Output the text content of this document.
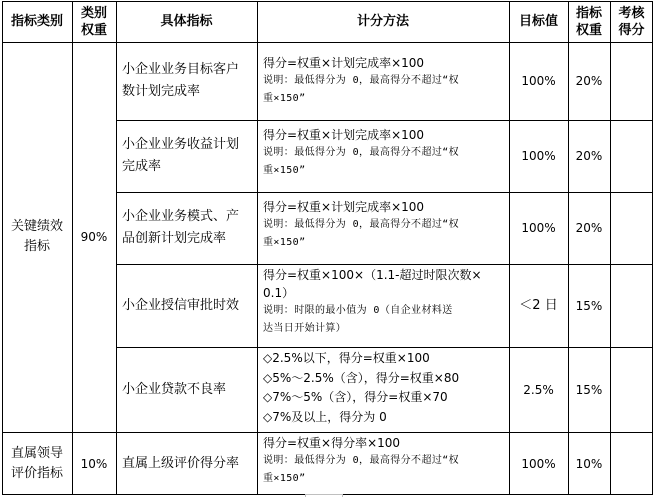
指标类别
类别
权重
具体指标	计分方法	目标值
指标
权重
考核
得分
关键绩效
指标
90%
直属领导
评价指标
10%
小企业业务目标客户
数计划完成率
得分=权重×计划完成率×100
说明：最低得分为 0，最高得分不超过“权
重×150”
100% 20%
小企业业务收益计划
完成率
得分=权重×计划完成率×100
说明：最低得分为 0，最高得分不超过“权
重×150”
100% 20%
小企业业务模式、产
品创新计划完成率
得分=权重×计划完成率×100
说明：最低得分为 0，最高得分不超过“权
重×150”
100% 20%
小企业授信审批时效
得分=权重×100×（1.1-超过时限次数×
0.1）
说明：时限的最小值为 0（自企业材料送
达当日开始计算）
＜2 日 15%
小企业贷款不良率
◇2.5%以下，得分=权重×100
◇5%～2.5%（含），得分=权重×80
◇7%～5%（含），得分=权重×70
◇7%及以上，得分为 0
2.5% 15%
直属上级评价得分率
得分=权重×得分率×100
说明：最低得分为 0，最高得分不超过“权
重×150”
100% 10%
